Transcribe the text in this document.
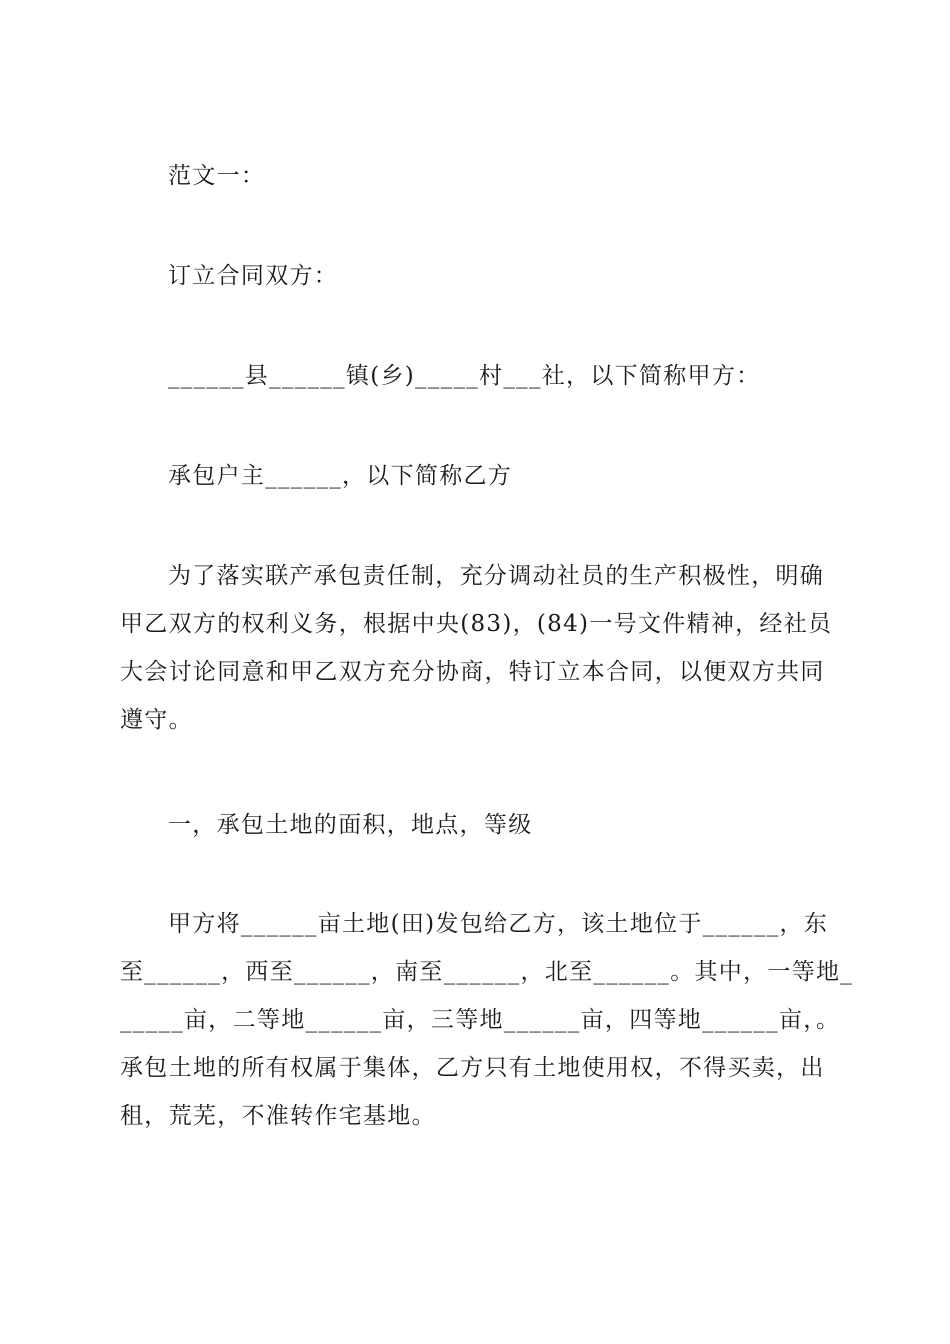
范文一：

订立合同双方：

______县______镇(乡)_____村___社，以下简称甲方：

承包户主______，以下简称乙方

为了落实联产承包责任制，充分调动社员的生产积极性，明确
甲乙双方的权利义务，根据中央(83)，(84)一号文件精神，经社员
大会讨论同意和甲乙双方充分协商，特订立本合同，以便双方共同
遵守。

一，承包土地的面积，地点，等级

甲方将______亩土地(田)发包给乙方，该土地位于______，东
至______，西至______，南至______，北至______。其中，一等地_
_____亩，二等地______亩，三等地______亩，四等地______亩，。
承包土地的所有权属于集体，乙方只有土地使用权，不得买卖，出
租，荒芜，不准转作宅基地。
